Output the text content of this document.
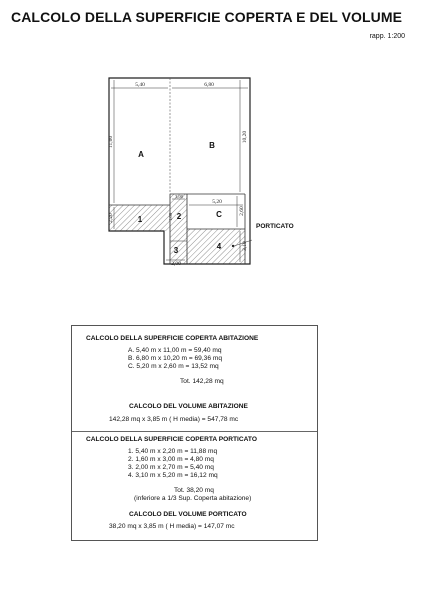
CALCOLO DELLA SUPERFICIE COPERTA E DEL VOLUME
rapp. 1:200
5,40	6,80
11,00	10,20
5,20
2,60
3,00
2,20
2,00
3,10
1,60
A
B
C
1	2
3	4
PORTICATO
CALCOLO DELLA SUPERFICIE COPERTA ABITAZIONE
A. 5,40 m x 11,00 m = 59,40 mq
B. 6,80 m x 10,20 m = 69,36 mq
C. 5,20 m x 2,60 m = 13,52 mq
Tot. 142,28 mq
CALCOLO DEL VOLUME ABITAZIONE
142,28 mq x 3,85 m ( H media) = 547,78 mc
CALCOLO DELLA SUPERFICIE COPERTA PORTICATO
1. 5,40 m x 2,20 m = 11,88 mq
2. 1,60 m x 3,00 m = 4,80 mq
3. 2,00 m x 2,70 m = 5,40 mq
4. 3,10 m x 5,20 m = 16,12 mq
Tot. 38,20 mq
(inferiore a 1/3 Sup. Coperta abitazione)
CALCOLO DEL VOLUME PORTICATO
38,20 mq x 3,85 m ( H media) = 147,07 mc
